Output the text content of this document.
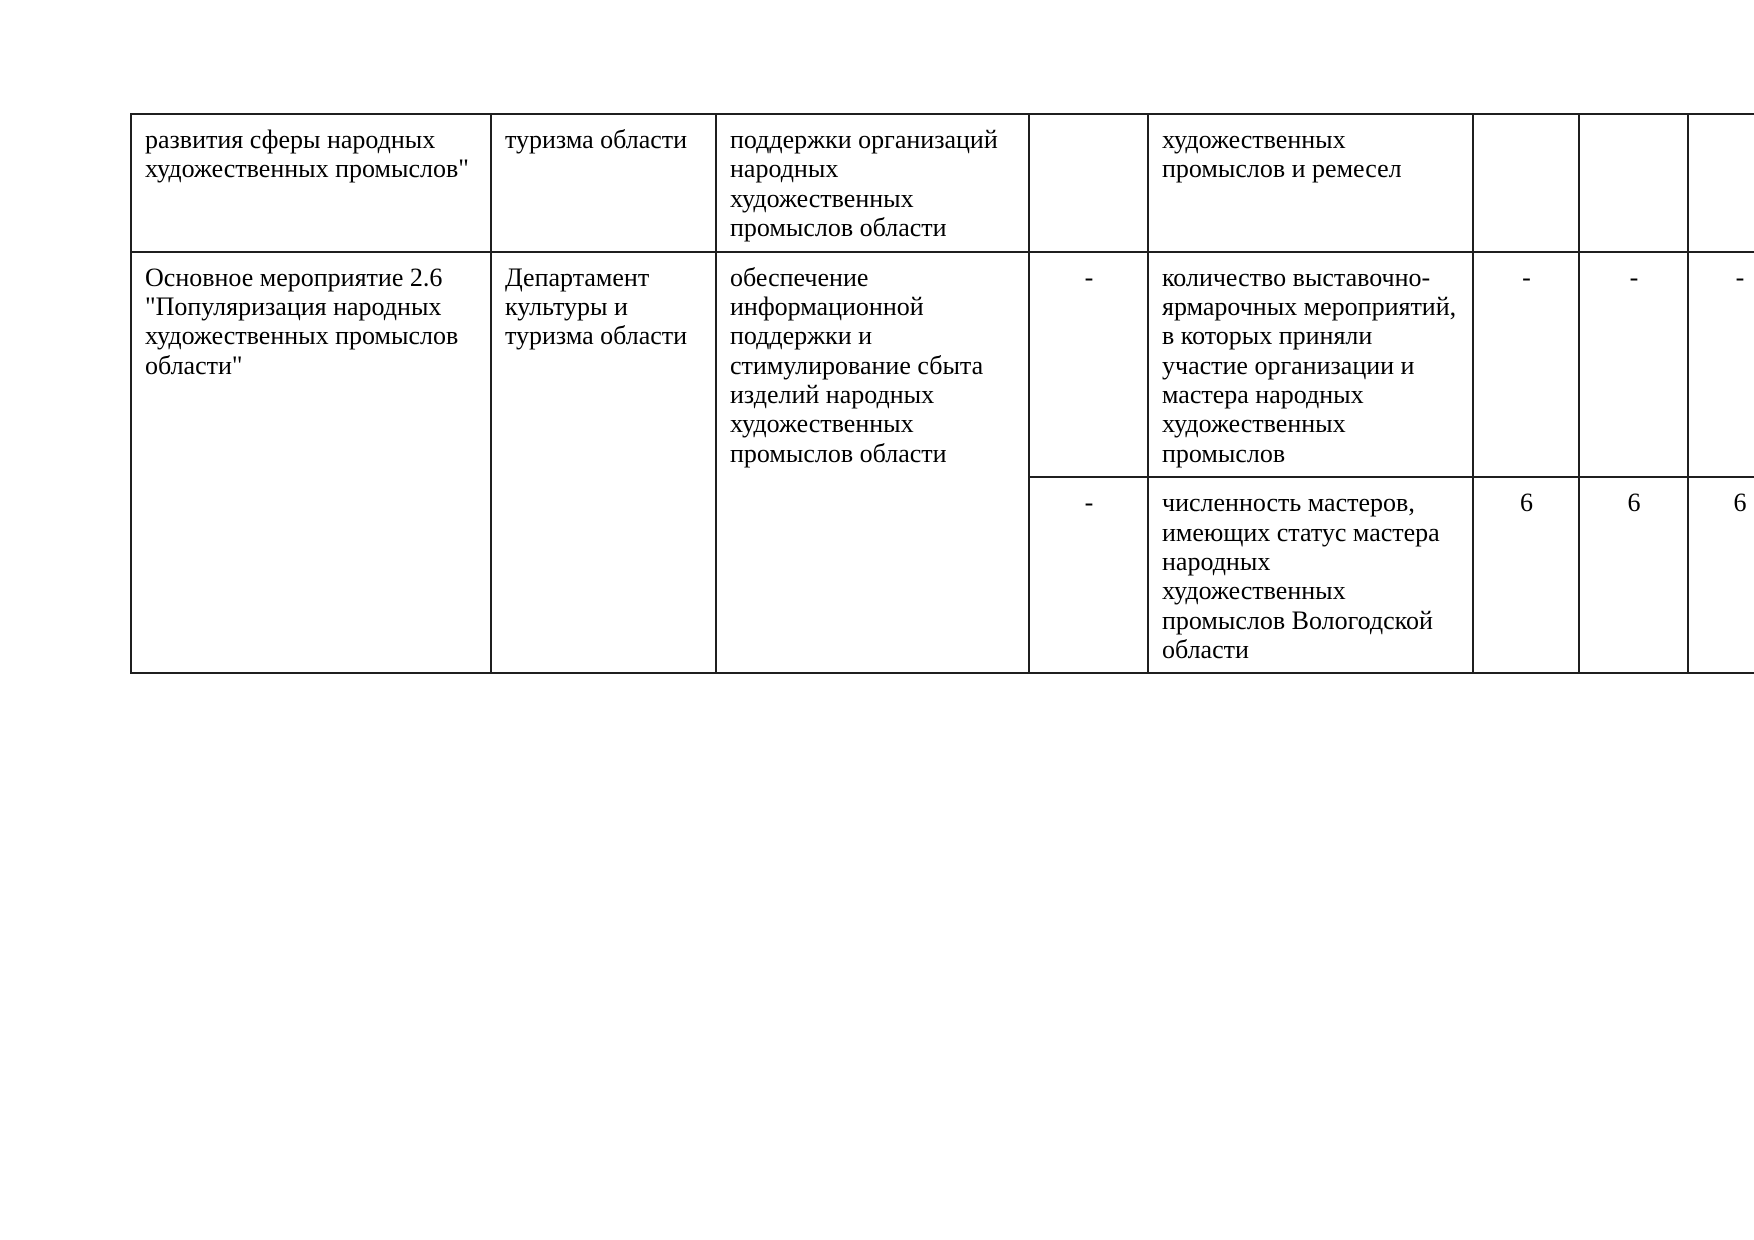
развития сферы народных художественных промыслов"	туризма области	поддержки организаций народных художественных промыслов области		художественных промыслов и ремесел			
Основное мероприятие 2.6 "Популяризация народных художественных промыслов области"	Департамент культуры и туризма области	обеспечение информационной поддержки и стимулирование сбыта изделий народных художественных промыслов области	-	количество выставочно-ярмарочных мероприятий, в которых приняли участие организации и мастера народных художественных промыслов	-	-	-
			-	численность мастеров, имеющих статус мастера народных художественных промыслов Вологодской области	6	6	6
